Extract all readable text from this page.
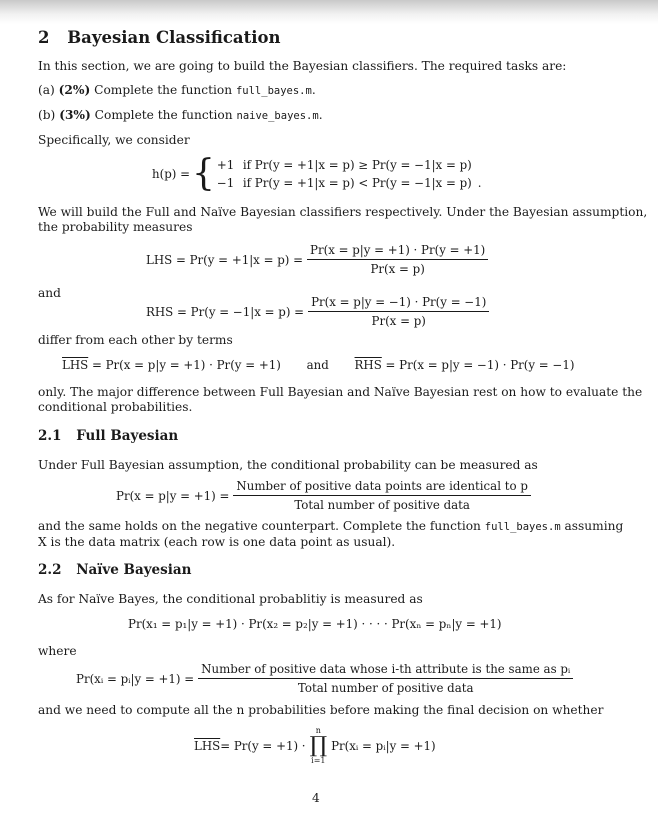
2 Bayesian Classification
In this section, we are going to build the Bayesian classifiers. The required tasks are:
(a) (2%) Complete the function full_bayes.m.
(b) (3%) Complete the function naive_bayes.m.
Specifically, we consider
h(p) = { +1 if Pr(y = +1|x = p) ≥ Pr(y = −1|x = p)
−1 if Pr(y = +1|x = p) < Pr(y = −1|x = p) .
We will build the Full and Naïve Bayesian classifiers respectively. Under the Bayesian assumption,
the probability measures
LHS = $Pr(y = +1|x = p) = \frac{Pr(x = p|y = +1) \cdot Pr(y = +1)}{Pr(x = p)}$
and
RHS = $Pr(y = -1|x = p) = \frac{Pr(x = p|y = -1) \cdot Pr(y = -1)}{Pr(x = p)}$
differ from each other by terms
$\overline{LHS} = Pr(x = p|y = +1) \cdot Pr(y = +1)$ and $\overline{RHS} = Pr(x = p|y = -1) \cdot Pr(y = -1)$
only. The major difference between Full Bayesian and Naïve Bayesian rest on how to evaluate the
conditional probabilities.
2.1 Full Bayesian
Under Full Bayesian assumption, the conditional probability can be measured as
$Pr(x = p|y = +1) = \frac{\text{Number of positive data points are identical to p}}{\text{Total number of positive data}}$
and the same holds on the negative counterpart. Complete the function full_bayes.m assuming
X is the data matrix (each row is one data point as usual).
2.2 Naïve Bayesian
As for Naïve Bayes, the conditional probablitiy is measured as
Pr(x₁ = p₁|y = +1) · Pr(x₂ = p₂|y = +1) · · · · Pr(xₙ = pₙ|y = +1)
where
Pr(xᵢ = pᵢ|y = +1) =
Number of positive data whose i-th attribute is the same as pᵢ
Total number of positive data
and we need to compute all the n probabilities before making the final decision on whether
$\overline{LHS} = Pr(y = +1)$ ·
n
∏
i=1
Pr(xᵢ = pᵢ|y = +1)
4
